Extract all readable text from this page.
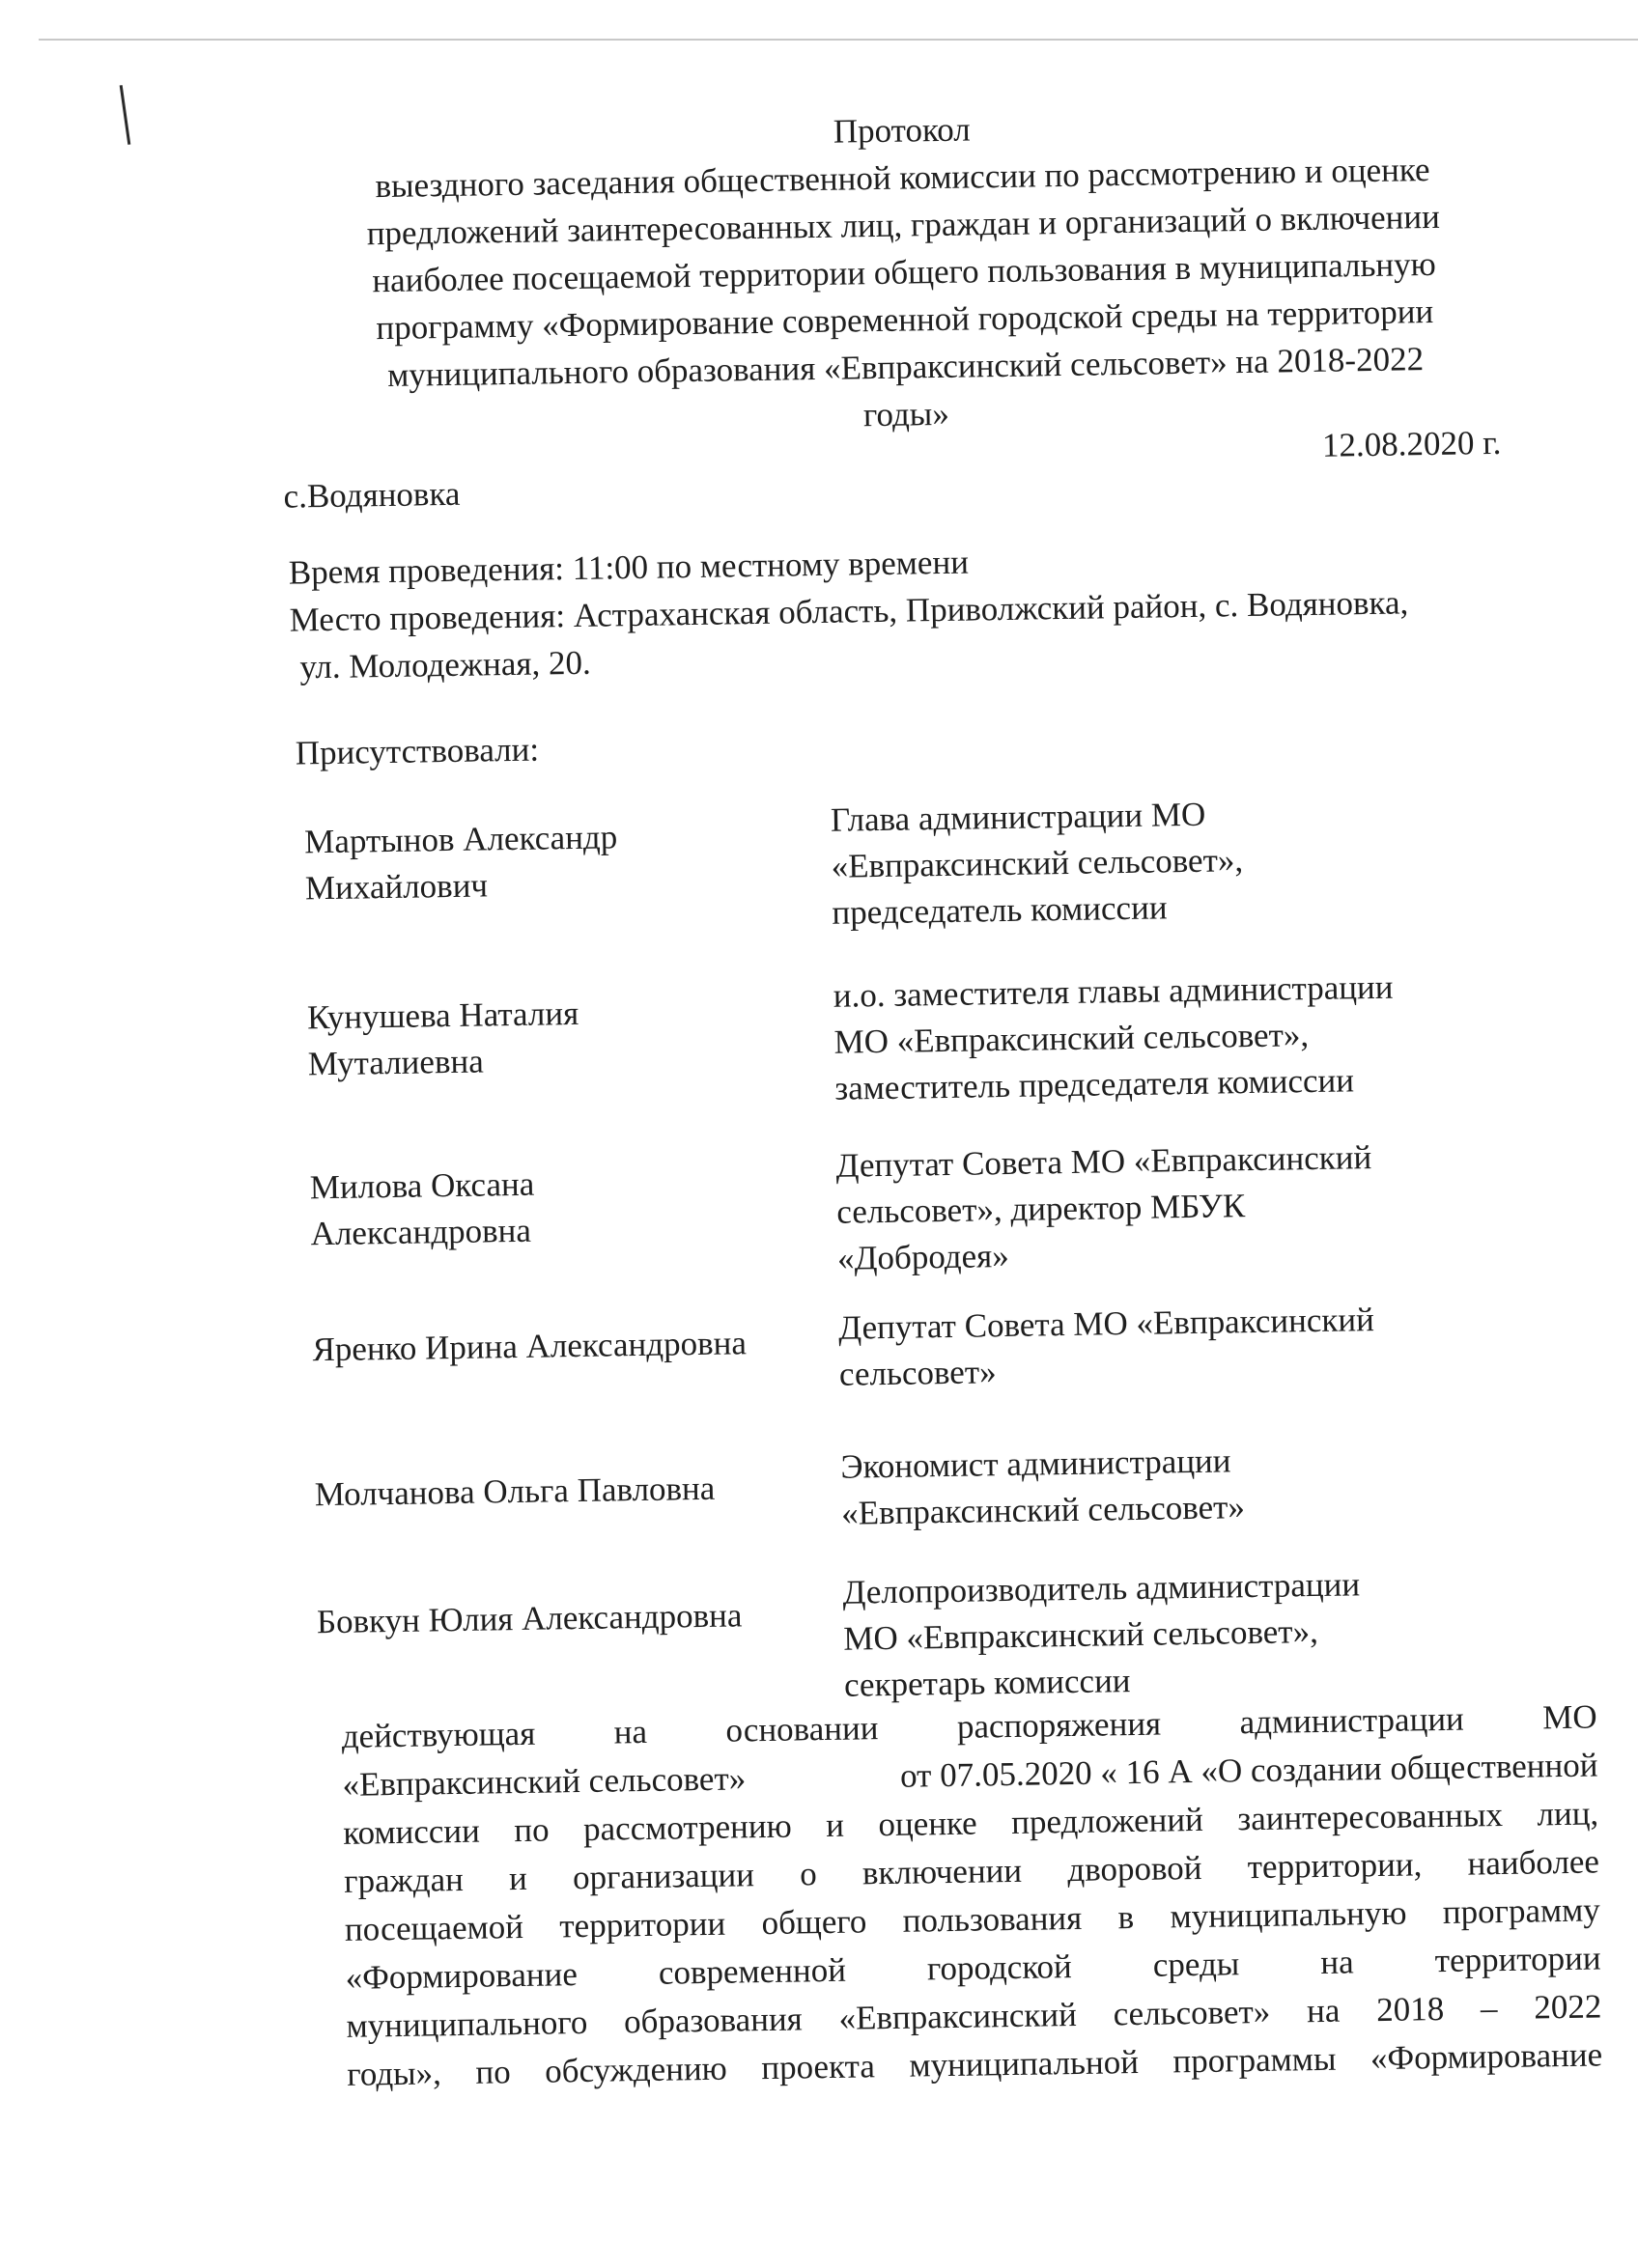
Протокол
выездного заседания общественной комиссии по рассмотрению и оценке
предложений заинтересованных лиц, граждан и организаций о включении
наиболее посещаемой территории общего пользования в муниципальную
программу «Формирование современной городской среды на территории
муниципального образования «Евпраксинский сельсовет» на 2018-2022
годы»
12.08.2020 г.
с.Водяновка
Время проведения: 11:00 по местному времени
Место проведения: Астраханская область, Приволжский район, с. Водяновка,
ул. Молодежная, 20.
Присутствовали:
Мартынов Александр
Михайлович
Глава администрации МО
«Евпраксинский сельсовет»,
председатель комиссии
Кунушева Наталия
Муталиевна
и.о. заместителя главы администрации
МО «Евпраксинский сельсовет»,
заместитель председателя комиссии
Милова Оксана
Александровна
Депутат Совета МО «Евпраксинский
сельсовет», директор МБУК
«Добродея»
Яренко Ирина Александровна	Депутат Совета МО «Евпраксинский
сельсовет»
Молчанова Ольга Павловна
Экономист администрации
«Евпраксинский сельсовет»
Бовкун Юлия Александровна
Делопроизводитель администрации
МО «Евпраксинский сельсовет»,
секретарь комиссии
действующая на основании распоряжения администрации МО
«Евпраксинский сельсовет»	от 07.05.2020 « 16 А «О создании общественной
комиссии по рассмотрению и оценке предложений заинтересованных лиц,
граждан и организации о включении дворовой территории, наиболее
посещаемой территории общего пользования в муниципальную программу
«Формирование современной городской среды на территории
муниципального образования «Евпраксинский сельсовет» на 2018 – 2022
годы», по обсуждению проекта муниципальной программы «Формирование
